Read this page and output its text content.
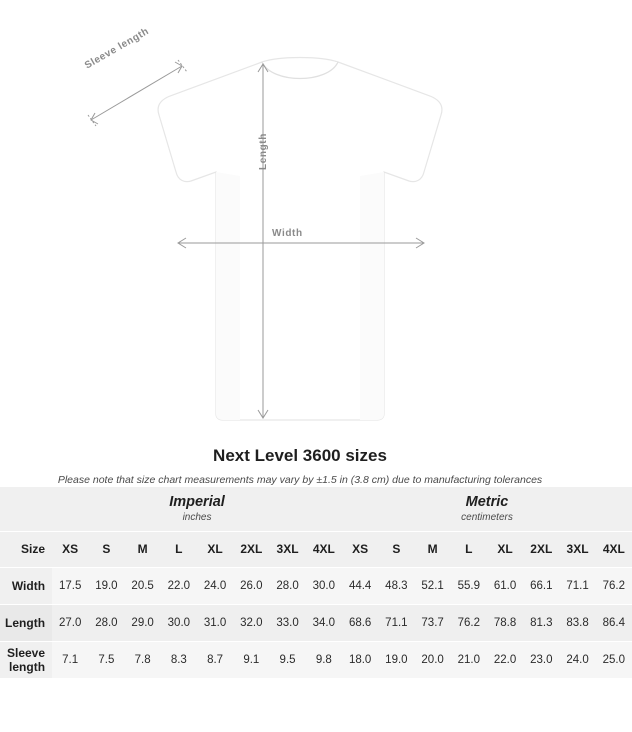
Sleeve length
Length
Width
Next Level 3600 sizes

Please note that size chart measurements may vary by ±1.5 in (3.8 cm) due to manufacturing tolerances

Imperial
inches

Metric
centimeters

Size	XS	S	M	L	XL	2XL	3XL	4XL	XS	S	M	L	XL	2XL	3XL	4XL
Width	17.5	19.0	20.5	22.0	24.0	26.0	28.0	30.0	44.4	48.3	52.1	55.9	61.0	66.1	71.1	76.2
Length	27.0	28.0	29.0	30.0	31.0	32.0	33.0	34.0	68.6	71.1	73.7	76.2	78.8	81.3	83.8	86.4
Sleeve length	7.1	7.5	7.8	8.3	8.7	9.1	9.5	9.8	18.0	19.0	20.0	21.0	22.0	23.0	24.0	25.0
